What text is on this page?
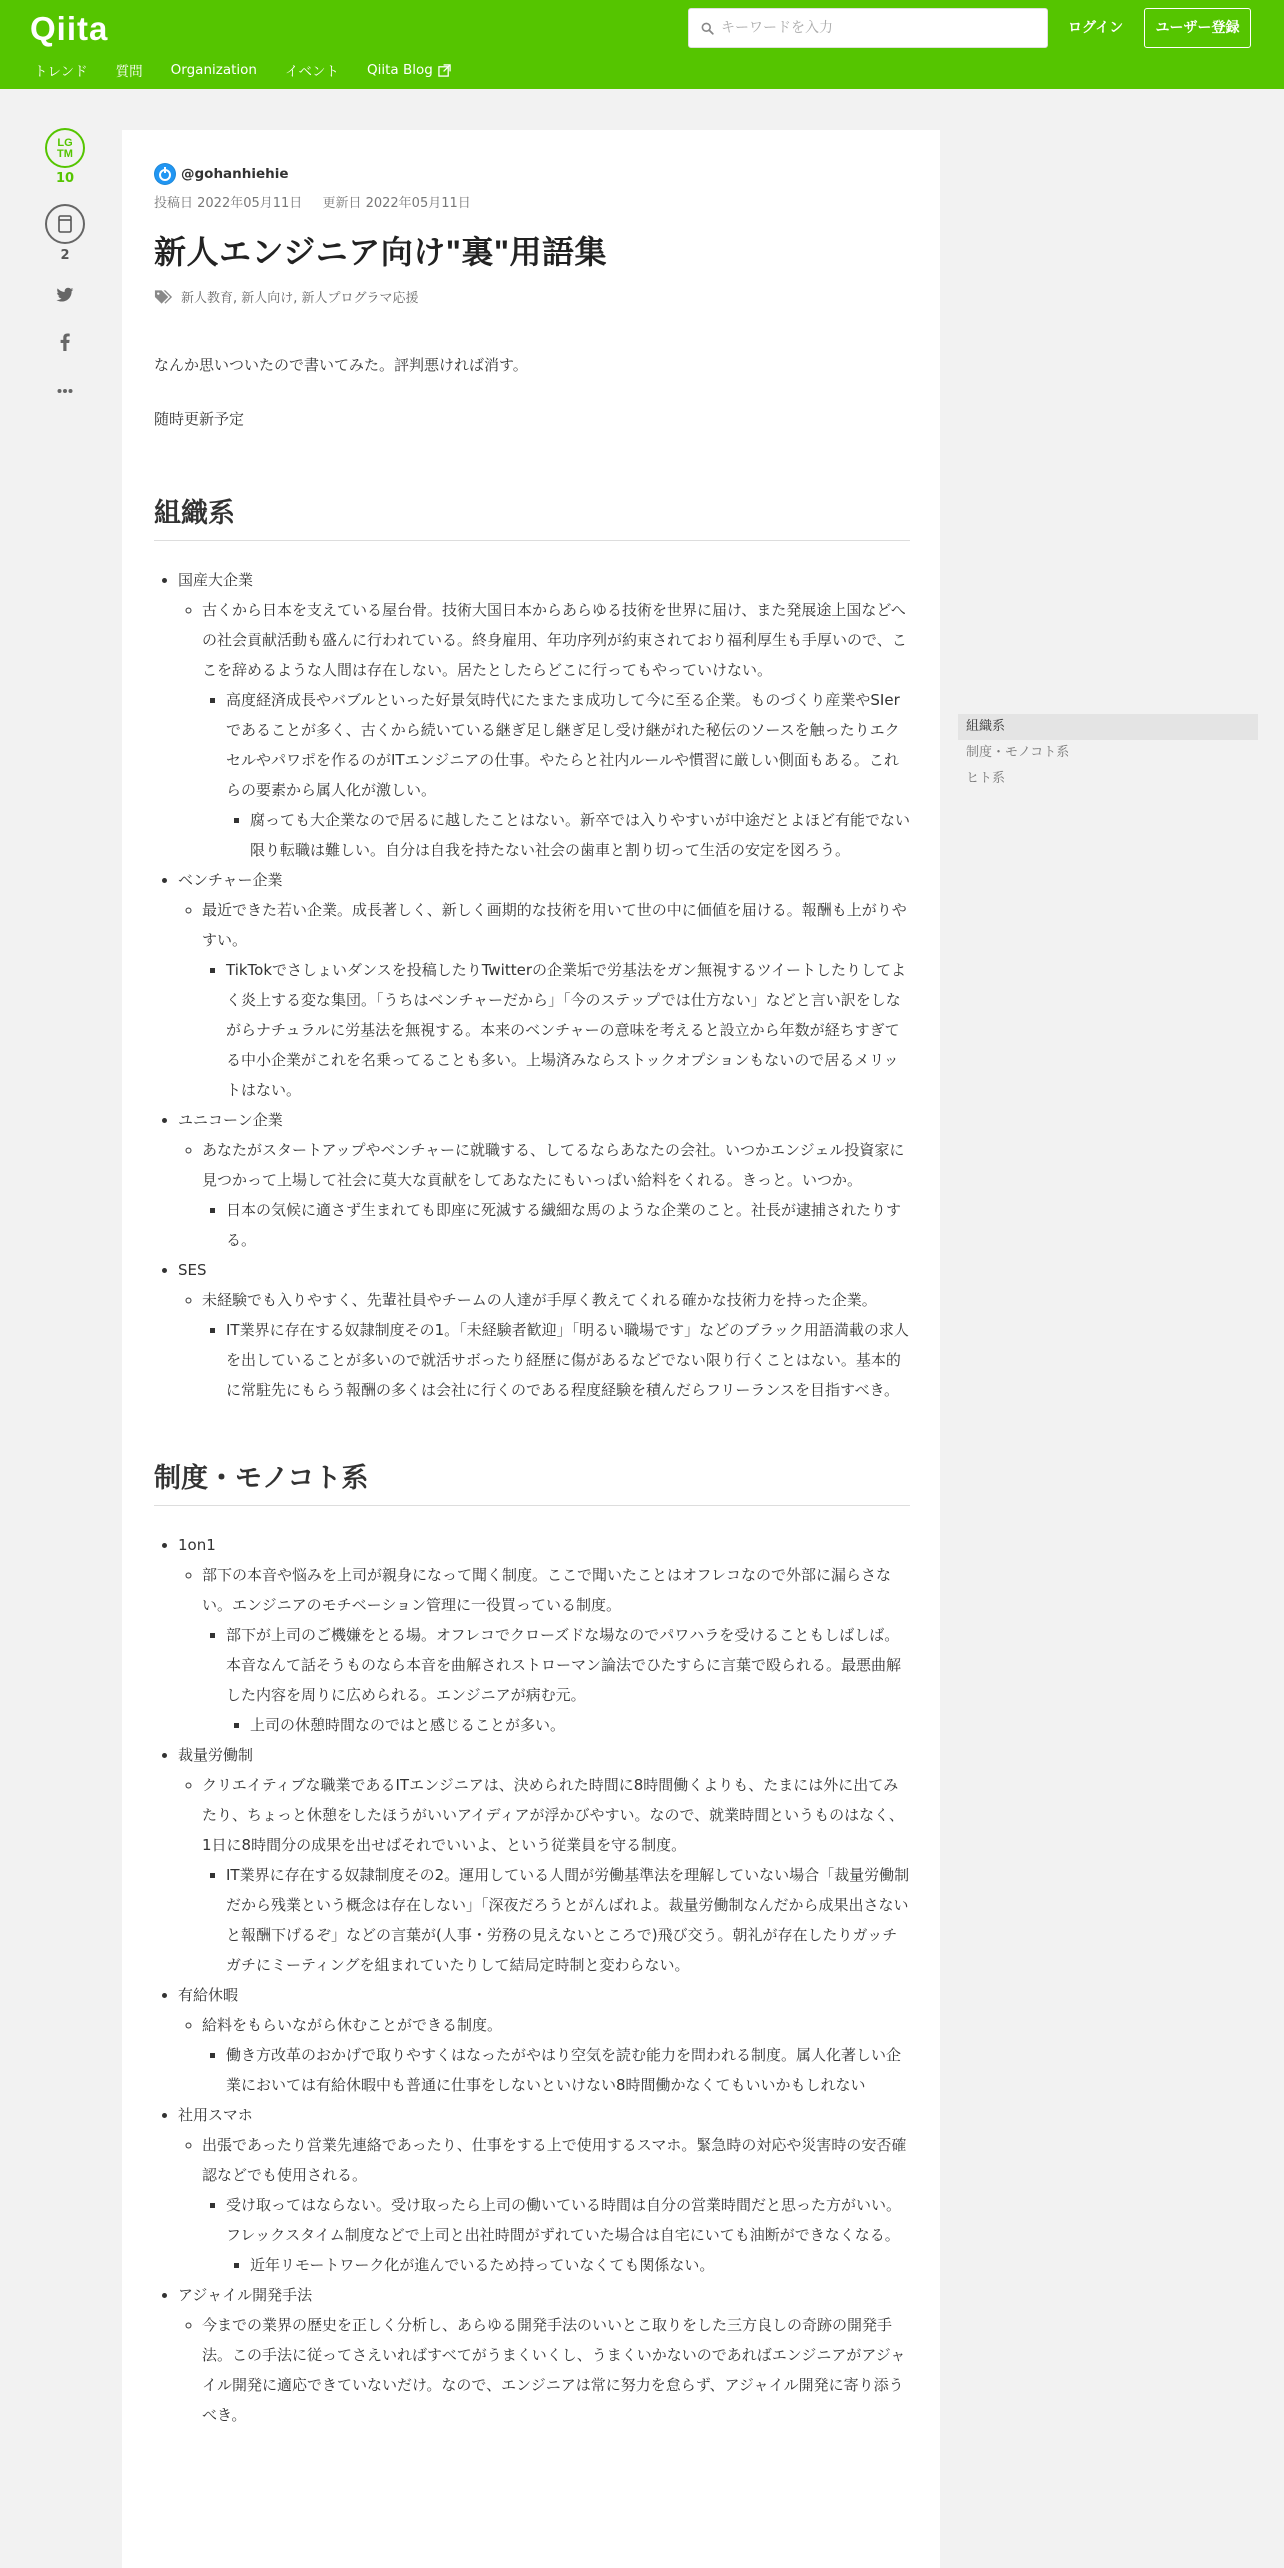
Qiita
キーワードを入力	ログイン	ユーザー登録
トレンド 質問 Organization イベント Qiita Blog
LG
TM
10
2
@gohanhiehie
投稿日 2022年05月11日 更新日 2022年05月11日
新人エンジニア向け"裏"用語集
新人教育, 新人向け, 新人プログラマ応援

なんか思いついたので書いてみた。評判悪ければ消す。

随時更新予定

組織系
• 国産大企業
◦ 古くから日本を支えている屋台骨。技術大国日本からあらゆる技術を世界に届け、また発展途上国などへの社会貢献活動も盛んに行われている。終身雇用、年功序列が約束されており福利厚生も手厚いので、ここを辞めるような人間は存在しない。居たとしたらどこに行ってもやっていけない。
▪ 高度経済成長やバブルといった好景気時代にたまたま成功して今に至る企業。ものづくり産業やSIerであることが多く、古くから続いている継ぎ足し継ぎ足し受け継がれた秘伝のソースを触ったりエクセルやパワポを作るのがITエンジニアの仕事。やたらと社内ルールや慣習に厳しい側面もある。これらの要素から属人化が激しい。
▪ 腐っても大企業なので居るに越したことはない。新卒では入りやすいが中途だとよほど有能でない限り転職は難しい。自分は自我を持たない社会の歯車と割り切って生活の安定を図ろう。
• ベンチャー企業
◦ 最近できた若い企業。成長著しく、新しく画期的な技術を用いて世の中に価値を届ける。報酬も上がりやすい。
▪ TikTokでさしょいダンスを投稿したりTwitterの企業垢で労基法をガン無視するツイートしたりしてよく炎上する変な集団。「うちはベンチャーだから」「今のステップでは仕方ない」などと言い訳をしながらナチュラルに労基法を無視する。本来のベンチャーの意味を考えると設立から年数が経ちすぎてる中小企業がこれを名乗ってることも多い。上場済みならストックオプションもないので居るメリットはない。
• ユニコーン企業
◦ あなたがスタートアップやベンチャーに就職する、してるならあなたの会社。いつかエンジェル投資家に見つかって上場して社会に莫大な貢献をしてあなたにもいっぱい給料をくれる。きっと。いつか。
▪ 日本の気候に適さず生まれても即座に死滅する繊細な馬のような企業のこと。社長が逮捕されたりする。
• SES
◦ 未経験でも入りやすく、先輩社員やチームの人達が手厚く教えてくれる確かな技術力を持った企業。
▪ IT業界に存在する奴隷制度その1。「未経験者歓迎」「明るい職場です」などのブラック用語満載の求人を出していることが多いので就活サボったり経歴に傷があるなどでない限り行くことはない。基本的に常駐先にもらう報酬の多くは会社に行くのである程度経験を積んだらフリーランスを目指すべき。
制度・モノコト系
• 1on1
◦ 部下の本音や悩みを上司が親身になって聞く制度。ここで聞いたことはオフレコなので外部に漏らさない。エンジニアのモチベーション管理に一役買っている制度。
▪ 部下が上司のご機嫌をとる場。オフレコでクローズドな場なのでパワハラを受けることもしばしば。本音なんて話そうものなら本音を曲解されストローマン論法でひたすらに言葉で殴られる。最悪曲解した内容を周りに広められる。エンジニアが病む元。
▪ 上司の休憩時間なのではと感じることが多い。
• 裁量労働制
◦ クリエイティブな職業であるITエンジニアは、決められた時間に8時間働くよりも、たまには外に出てみたり、ちょっと休憩をしたほうがいいアイディアが浮かびやすい。なので、就業時間というものはなく、1日に8時間分の成果を出せばそれでいいよ、という従業員を守る制度。
▪ IT業界に存在する奴隷制度その2。運用している人間が労働基準法を理解していない場合「裁量労働制だから残業という概念は存在しない」「深夜だろうとがんばれよ。裁量労働制なんだから成果出さないと報酬下げるぞ」などの言葉が(人事・労務の見えないところで)飛び交う。朝礼が存在したりガッチガチにミーティングを組まれていたりして結局定時制と変わらない。
• 有給休暇
◦ 給料をもらいながら休むことができる制度。
▪ 働き方改革のおかげで取りやすくはなったがやはり空気を読む能力を問われる制度。属人化著しい企業においては有給休暇中も普通に仕事をしないといけない8時間働かなくてもいいかもしれない
• 社用スマホ
◦ 出張であったり営業先連絡であったり、仕事をする上で使用するスマホ。緊急時の対応や災害時の安否確認などでも使用される。
▪ 受け取ってはならない。受け取ったら上司の働いている時間は自分の営業時間だと思った方がいい。フレックスタイム制度などで上司と出社時間がずれていた場合は自宅にいても油断ができなくなる。
▪ 近年リモートワーク化が進んでいるため持っていなくても関係ない。
• アジャイル開発手法
◦ 今までの業界の歴史を正しく分析し、あらゆる開発手法のいいとこ取りをした三方良しの奇跡の開発手法。この手法に従ってさえいればすべてがうまくいくし、うまくいかないのであればエンジニアがアジャイル開発に適応できていないだけ。なので、エンジニアは常に努力を怠らず、アジャイル開発に寄り添うべき。
組織系
制度・モノコト系
ヒト系
